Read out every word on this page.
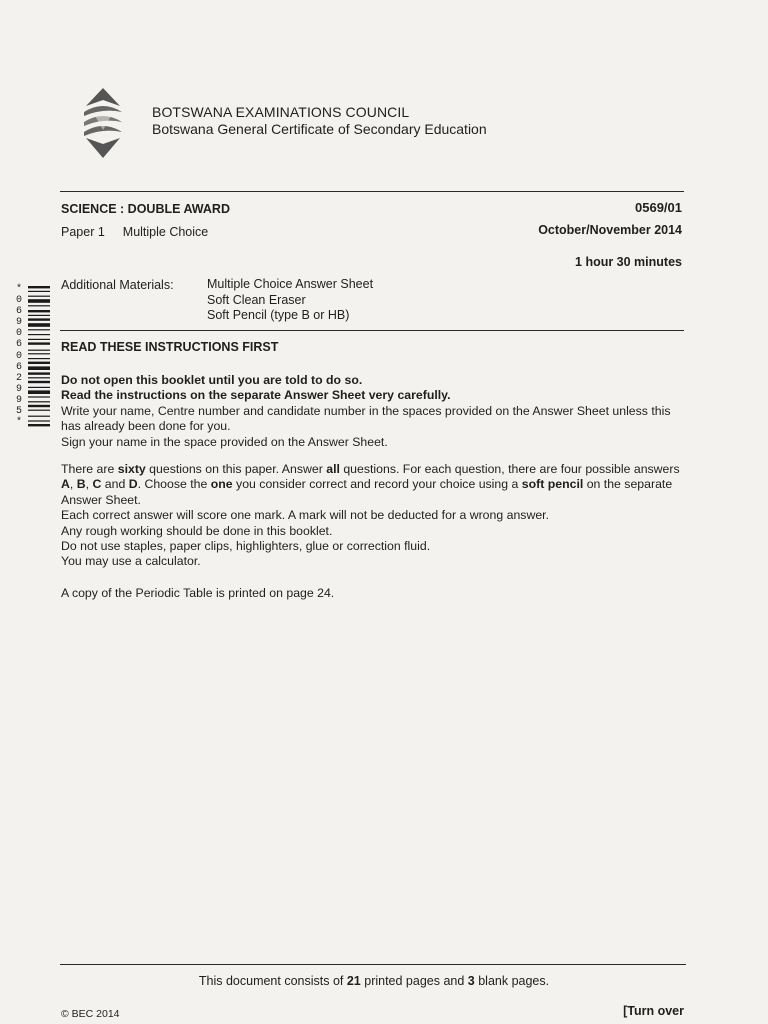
BOTSWANA EXAMINATIONS COUNCIL
Botswana General Certificate of Secondary Education
SCIENCE : DOUBLE AWARD
Paper 1 Multiple Choice
0569/01
October/November 2014
1 hour 30 minutes
Additional Materials:	Multiple Choice Answer Sheet
Soft Clean Eraser
Soft Pencil (type B or HB)
*
0
6
9
0
6
0
6
2
9
9
5
*
READ THESE INSTRUCTIONS FIRST

Do not open this booklet until you are told to do so.

Read the instructions on the separate Answer Sheet very carefully.

Write your name, Centre number and candidate number in the spaces provided on the Answer Sheet unless this has already been done for you.

Sign your name in the space provided on the Answer Sheet.

There are sixty questions on this paper. Answer all questions. For each question, there are four possible answers A, B, C and D. Choose the one you consider correct and record your choice using a soft pencil on the separate Answer Sheet.

Each correct answer will score one mark. A mark will not be deducted for a wrong answer.

Any rough working should be done in this booklet.

Do not use staples, paper clips, highlighters, glue or correction fluid.

You may use a calculator.

A copy of the Periodic Table is printed on page 24.
This document consists of 21 printed pages and 3 blank pages.
© BEC 2014	[Turn over
